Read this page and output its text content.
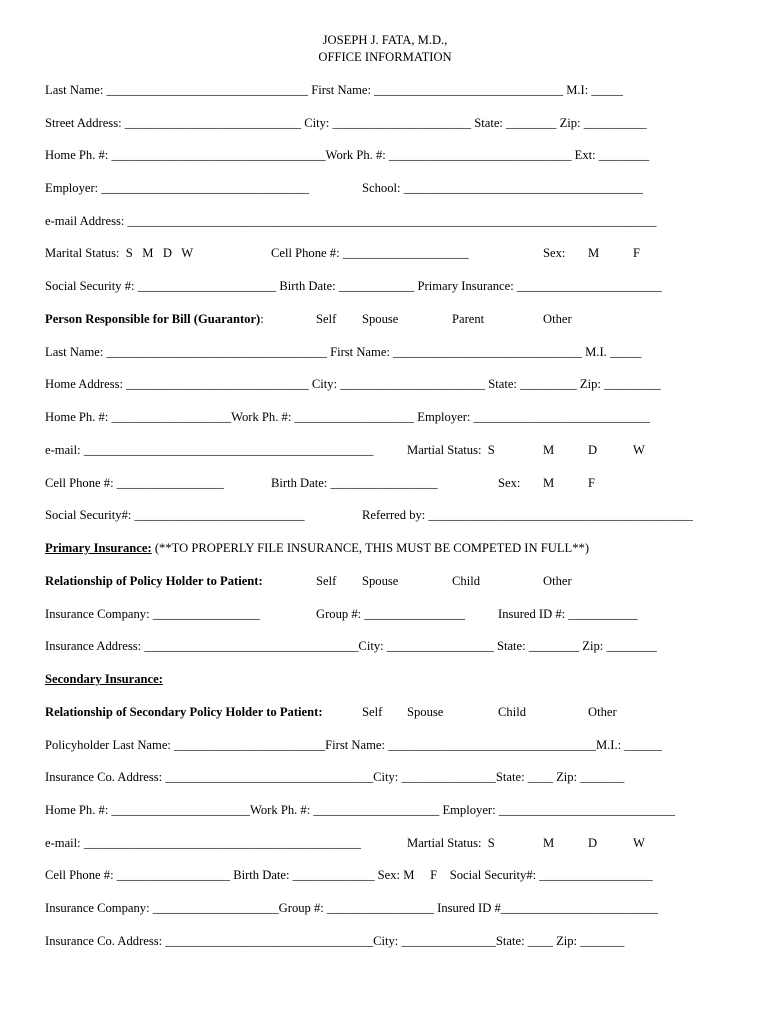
JOSEPH J. FATA, M.D.,
OFFICE INFORMATION
Last Name: ________________________________ First Name: ______________________________ M.I: _____
Street Address: ____________________________ City: ______________________ State: ________ Zip: __________
Home Ph. #: __________________________________Work Ph. #: _____________________________ Ext: ________
Employer: _________________________________	School: ______________________________________
e-mail Address: ____________________________________________________________________________________
Marital Status:  S   M   D   W	Cell Phone #: ____________________	Sex: M	F
Social Security #: ______________________ Birth Date: ____________ Primary Insurance: _______________________
Person Responsible for Bill (Guarantor):	Self Spouse	Parent	Other
Last Name: ___________________________________ First Name: ______________________________ M.I. _____
Home Address: _____________________________ City: _______________________ State: _________ Zip: _________
Home Ph. #: ___________________Work Ph. #: ___________________ Employer: ____________________________
e-mail: ______________________________________________	Martial Status:  S	M	D	W
Cell Phone #: _________________	Birth Date: _________________	Sex: M	F
Social Security#: ___________________________	Referred by: __________________________________________
Primary Insurance: (**TO PROPERLY FILE INSURANCE, THIS MUST BE COMPETED IN FULL**)
Relationship of Policy Holder to Patient:	Self Spouse	Child	Other
Insurance Company: _________________	Group #: ________________	Insured ID #: ___________
Insurance Address: __________________________________City: _________________ State: ________ Zip: ________
Secondary Insurance:
Relationship of Secondary Policy Holder to Patient:	Self Spouse	Child	Other
Policyholder Last Name: ________________________First Name: _________________________________M.I.: ______
Insurance Co. Address: _________________________________City: _______________State: ____ Zip: _______
Home Ph. #: ______________________Work Ph. #: ____________________ Employer: ____________________________
e-mail: ____________________________________________	Martial Status:  S	M	D	W
Cell Phone #: __________________ Birth Date: _____________ Sex: M     F    Social Security#: __________________
Insurance Company: ____________________Group #: _________________ Insured ID #_________________________
Insurance Co. Address: _________________________________City: _______________State: ____ Zip: _______
